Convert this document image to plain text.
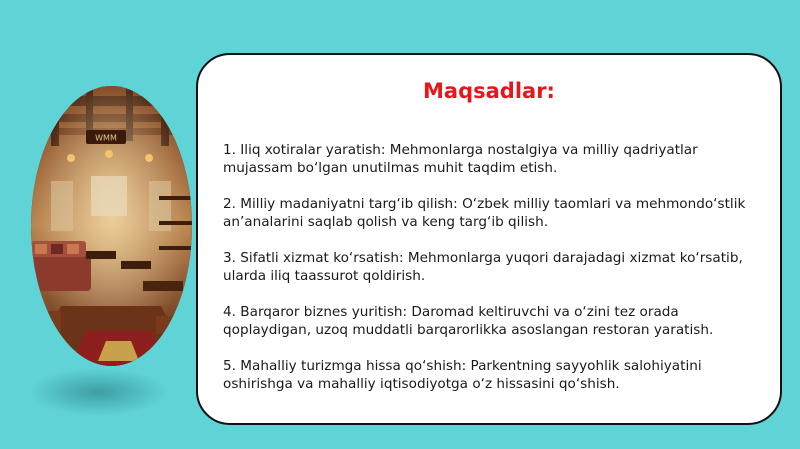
WMM
Maqsadlar:

1. Iliq xotiralar yaratish: Mehmonlarga nostalgiya va milliy qadriyatlar mujassam bo‘lgan unutilmas muhit taqdim etish.

2. Milliy madaniyatni targ‘ib qilish: O‘zbek milliy taomlari va mehmondo‘stlik an’analarini saqlab qolish va keng targ‘ib qilish.

3. Sifatli xizmat ko‘rsatish: Mehmonlarga yuqori darajadagi xizmat ko‘rsatib, ularda iliq taassurot qoldirish.

4. Barqaror biznes yuritish: Daromad keltiruvchi va o‘zini tez orada qoplaydigan, uzoq muddatli barqarorlikka asoslangan restoran yaratish.

5. Mahalliy turizmga hissa qo‘shish: Parkentning sayyohlik salohiyatini oshirishga va mahalliy iqtisodiyotga o‘z hissasini qo‘shish.
